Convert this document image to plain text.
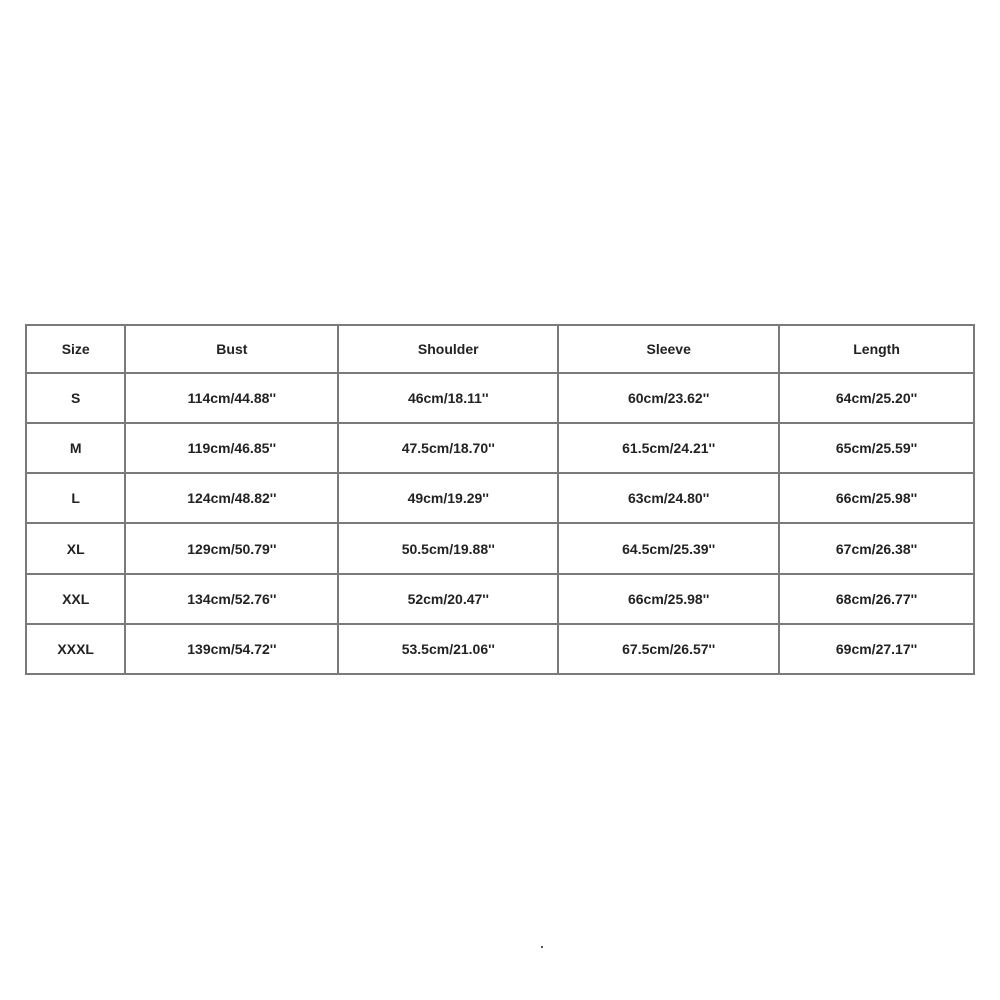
Size	Bust	Shoulder	Sleeve	Length
S	114cm/44.88''	46cm/18.11''	60cm/23.62''	64cm/25.20''
M	119cm/46.85''	47.5cm/18.70''	61.5cm/24.21''	65cm/25.59''
L	124cm/48.82''	49cm/19.29''	63cm/24.80''	66cm/25.98''
XL	129cm/50.79''	50.5cm/19.88''	64.5cm/25.39''	67cm/26.38''
XXL	134cm/52.76''	52cm/20.47''	66cm/25.98''	68cm/26.77''
XXXL	139cm/54.72''	53.5cm/21.06''	67.5cm/26.57''	69cm/27.17''
